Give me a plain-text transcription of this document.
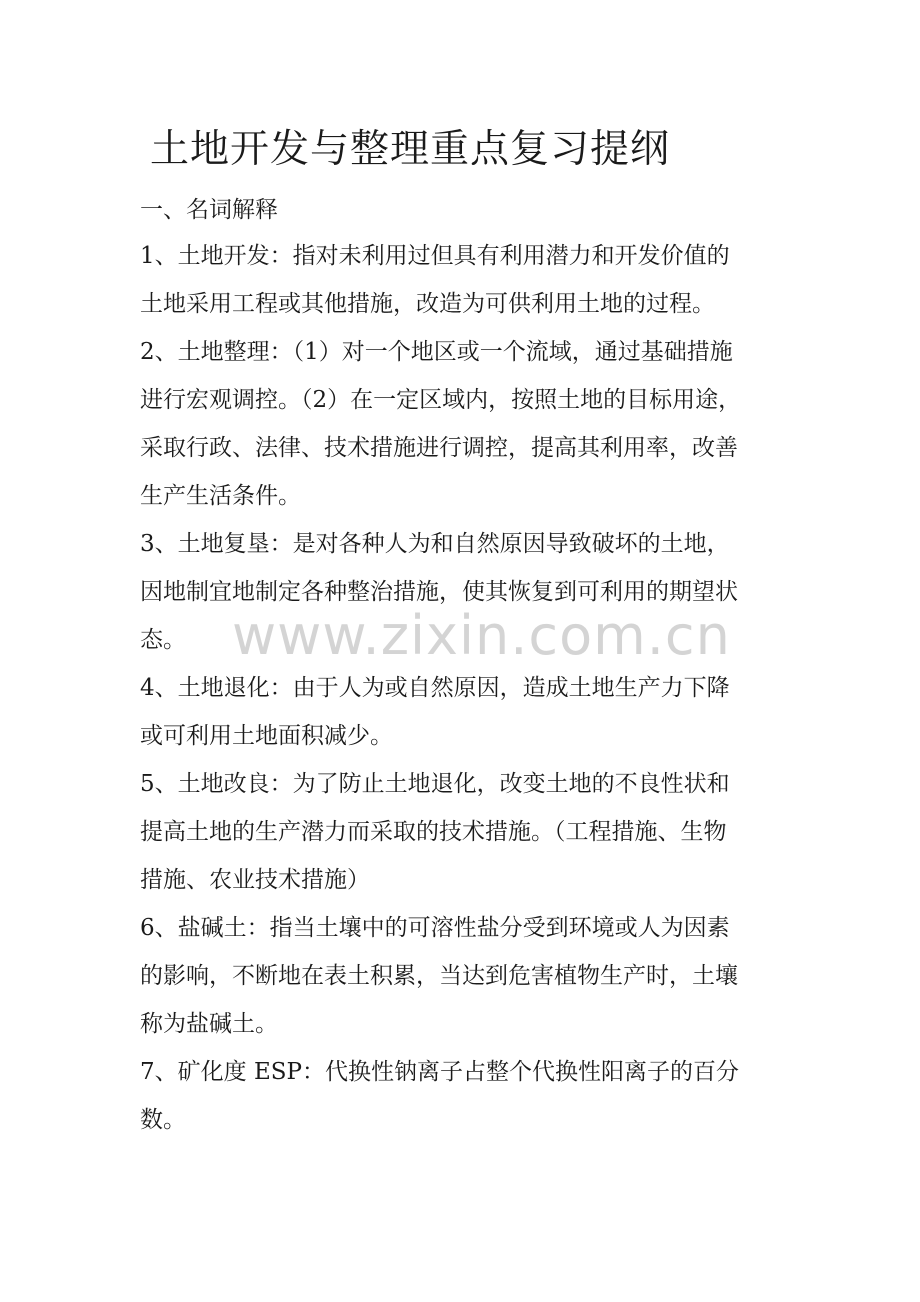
土地开发与整理重点复习提纲
一、名词解释
1、土地开发：指对未利用过但具有利用潜力和开发价值的
土地采用工程或其他措施，改造为可供利用土地的过程。
2、土地整理：（1）对一个地区或一个流域，通过基础措施
进行宏观调控。（2）在一定区域内，按照土地的目标用途，
采取行政、法律、技术措施进行调控，提高其利用率，改善
生产生活条件。
3、土地复垦：是对各种人为和自然原因导致破坏的土地，
因地制宜地制定各种整治措施，使其恢复到可利用的期望状
态。
4、土地退化：由于人为或自然原因，造成土地生产力下降
或可利用土地面积减少。
5、土地改良：为了防止土地退化，改变土地的不良性状和
提高土地的生产潜力而采取的技术措施。（工程措施、生物
措施、农业技术措施）
6、盐碱土：指当土壤中的可溶性盐分受到环境或人为因素
的影响，不断地在表土积累，当达到危害植物生产时，土壤
称为盐碱土。
7、矿化度 ESP：代换性钠离子占整个代换性阳离子的百分
数。
www.zixin.com.cn
